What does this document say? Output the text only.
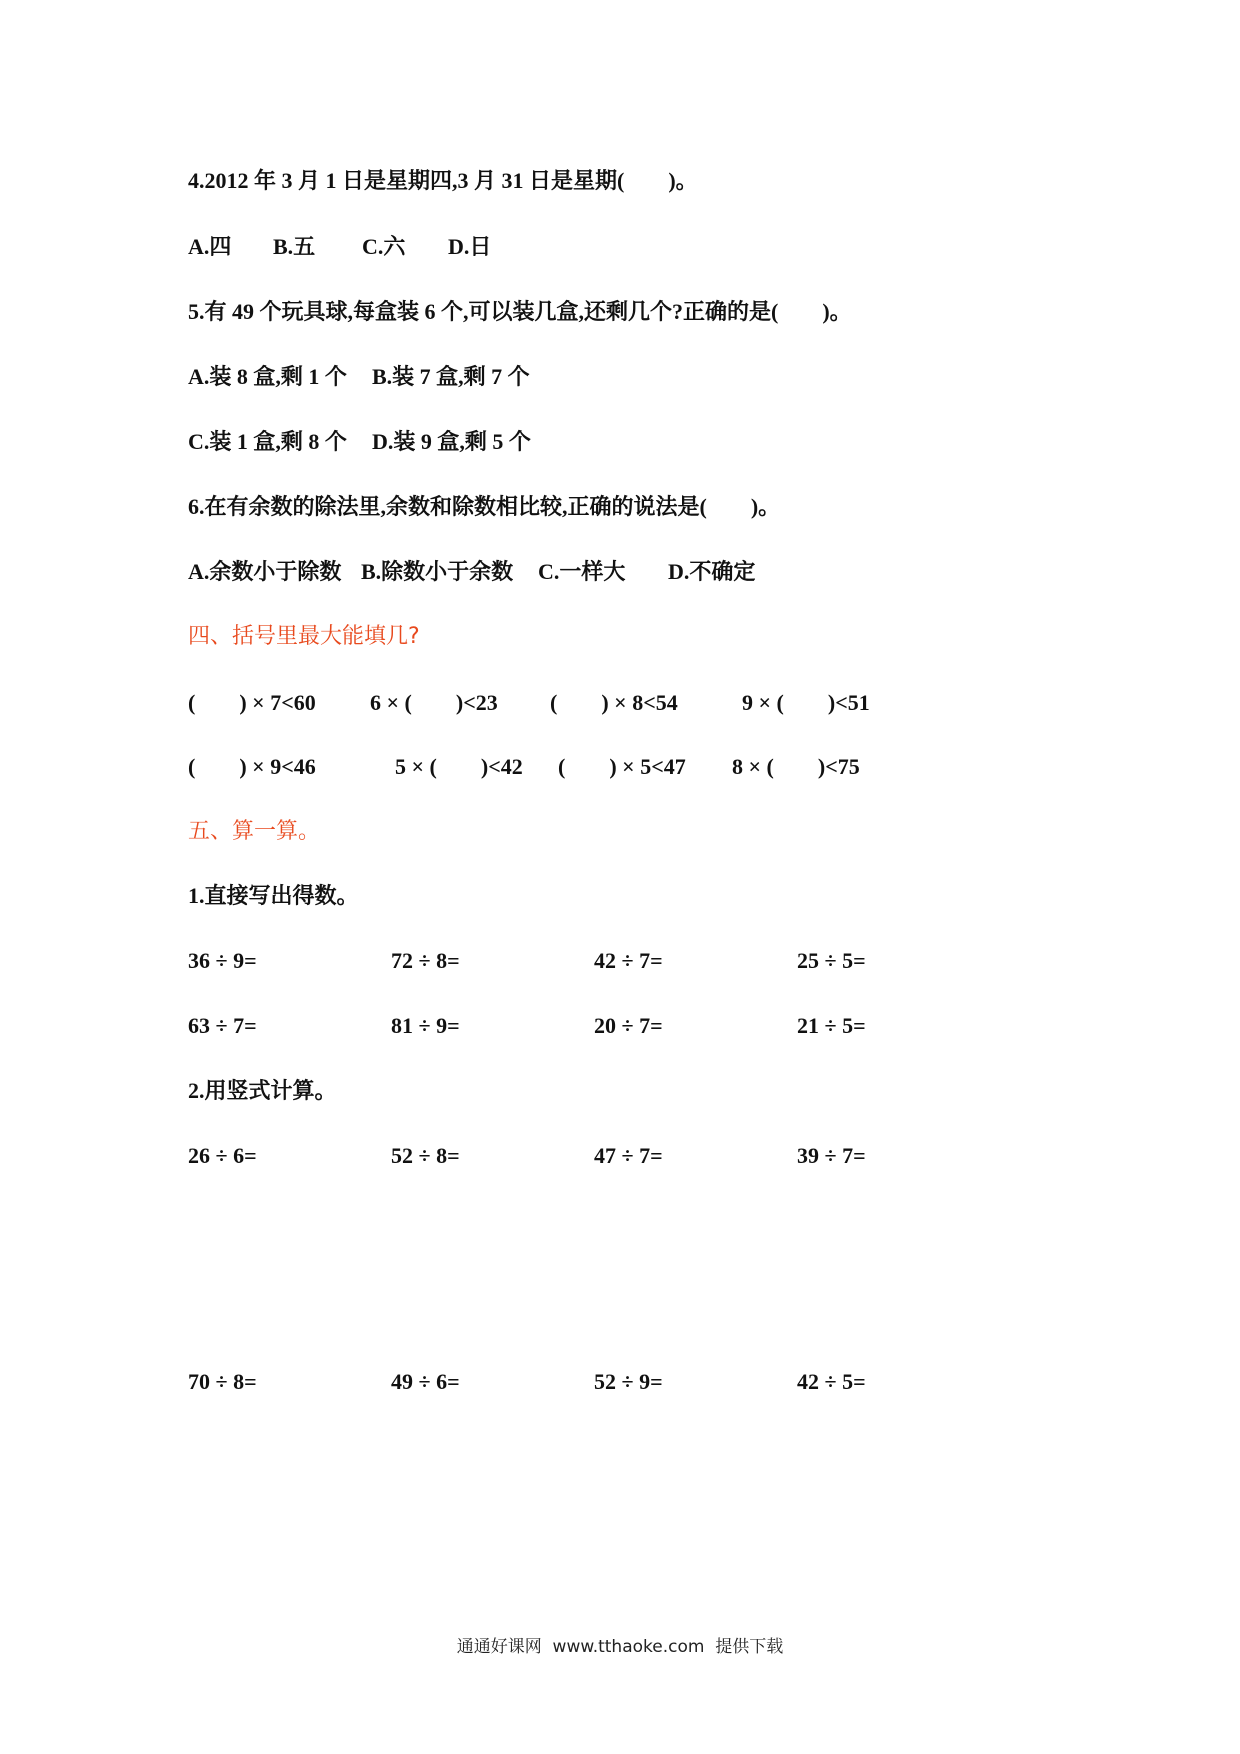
4.2012 年 3 月 1 日是星期四,3 月 31 日是星期(        )。
A.四 B.五 C.六 D.日
5.有 49 个玩具球,每盒装 6 个,可以装几盒,还剩几个?正确的是(        )。
A.装 8 盒,剩 1 个 B.装 7 盒,剩 7 个
C.装 1 盒,剩 8 个 D.装 9 盒,剩 5 个
6.在有余数的除法里,余数和除数相比较,正确的说法是(        )。
A.余数小于除数 B.除数小于余数 C.一样大 D.不确定
四、括号里最大能填几?
(        ) × 7<60 6 × (        )<23 (        ) × 8<54	9 × (        )<51
(        ) × 9<46	5 × (        )<42 (        ) × 5<47 8 × (        )<75
五、算一算。
1.直接写出得数。
36 ÷ 9=	72 ÷ 8=	42 ÷ 7=	25 ÷ 5=
63 ÷ 7=	81 ÷ 9=	20 ÷ 7=	21 ÷ 5=
2.用竖式计算。
26 ÷ 6=	52 ÷ 8=	47 ÷ 7=	39 ÷ 7=
70 ÷ 8=	49 ÷ 6=	52 ÷ 9=	42 ÷ 5=
通通好课网  www.tthaoke.com  提供下载
